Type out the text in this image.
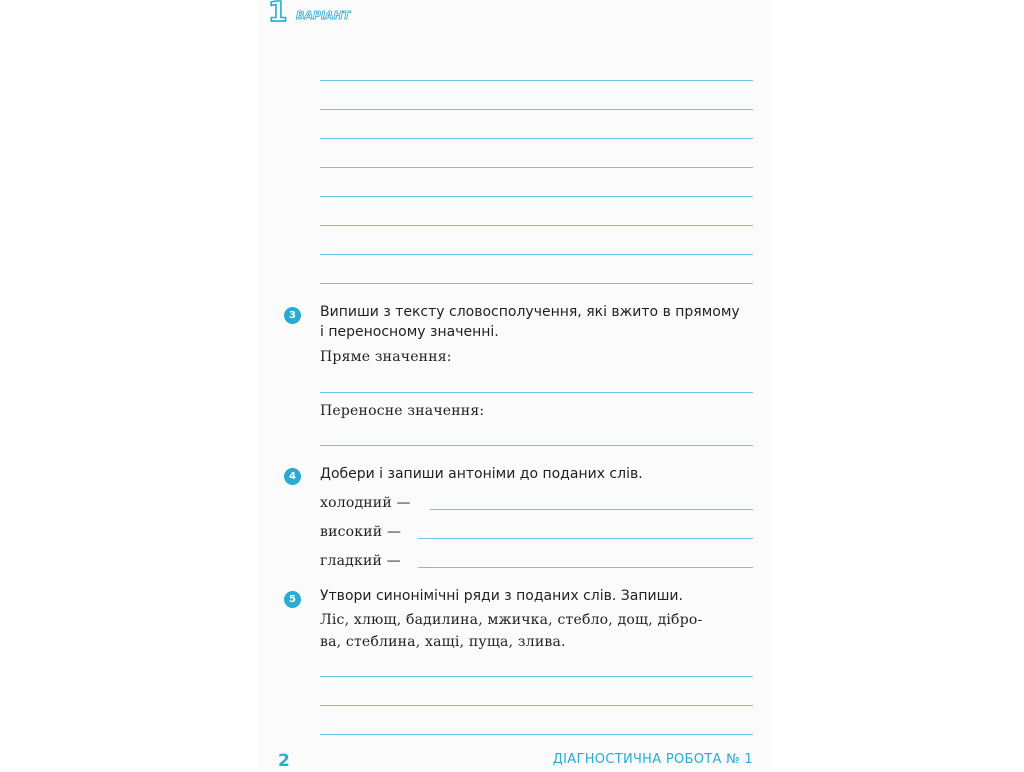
1 ВАРІАНТ
3	Випиши з тексту словосполучення, які вжито в прямому
і переносному значенні.
Пряме значення:
Переносне значення:
4	Добери і запиши антоніми до поданих слів.
холодний —
високий —
гладкий —
5	Утвори синонімічні ряди з поданих слів. Запиши.
Ліс, хлющ, бадилина, мжичка, стебло, дощ, дібро-
ва, стеблина, хащі, пуща, злива.
2	ДІАГНОСТИЧНА РОБОТА № 1
